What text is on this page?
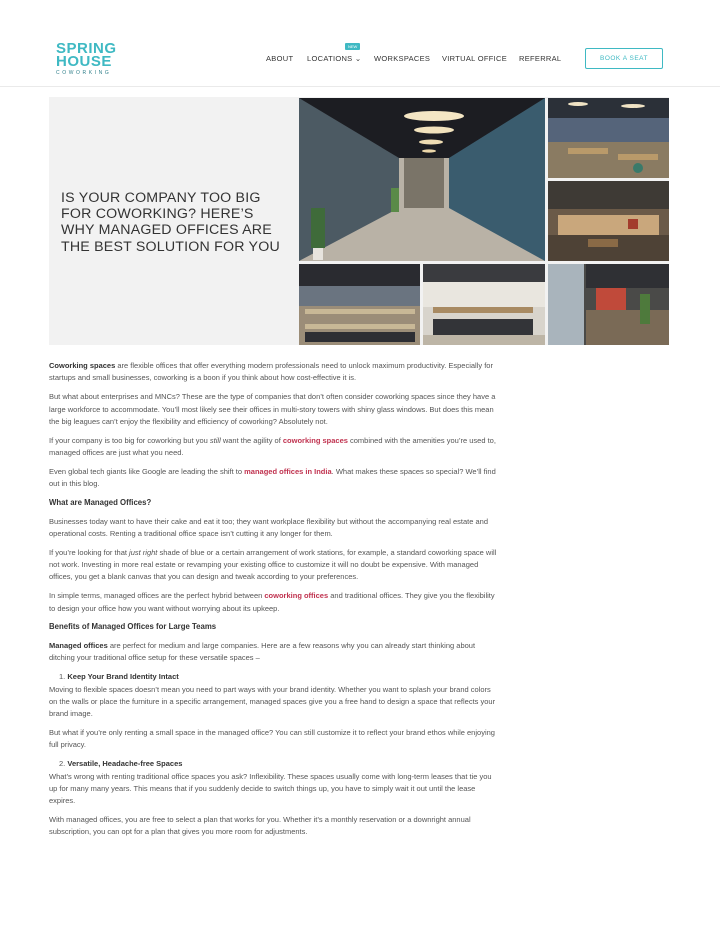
SPRING
HOUSE
COWORKING
NEW
ABOUT LOCATIONS ⌄ WORKSPACES VIRTUAL OFFICE REFERRAL	BOOK A SEAT
IS YOUR COMPANY TOO BIG FOR COWORKING? HERE’S WHY MANAGED OFFICES ARE THE BEST SOLUTION FOR YOU

Coworking spaces are flexible offices that offer everything modern professionals need to unlock maximum productivity. Especially for startups and small businesses, coworking is a boon if you think about how cost-effective it is.

But what about enterprises and MNCs? These are the type of companies that don’t often consider coworking spaces since they have a large workforce to accommodate. You’ll most likely see their offices in multi-story towers with shiny glass windows. But does this mean the big leagues can’t enjoy the flexibility and efficiency of coworking? Absolutely not.

If your company is too big for coworking but you still want the agility of coworking spaces combined with the amenities you’re used to, managed offices are just what you need.

Even global tech giants like Google are leading the shift to managed offices in India. What makes these spaces so special? We’ll find out in this blog.

What are Managed Offices?

Businesses today want to have their cake and eat it too; they want workplace flexibility but without the accompanying real estate and operational costs. Renting a traditional office space isn’t cutting it any longer for them.

If you’re looking for that just right shade of blue or a certain arrangement of work stations, for example, a standard coworking space will not work. Investing in more real estate or revamping your existing office to customize it will no doubt be expensive. With managed offices, you get a blank canvas that you can design and tweak according to your preferences.

In simple terms, managed offices are the perfect hybrid between coworking offices and traditional offices. They give you the flexibility to design your office how you want without worrying about its upkeep.

Benefits of Managed Offices for Large Teams

Managed offices are perfect for medium and large companies. Here are a few reasons why you can already start thinking about ditching your traditional office setup for these versatile spaces –

1. Keep Your Brand Identity Intact

Moving to flexible spaces doesn’t mean you need to part ways with your brand identity. Whether you want to splash your brand colors on the walls or place the furniture in a specific arrangement, managed spaces give you a free hand to design a space that reflects your brand image.

But what if you’re only renting a small space in the managed office? You can still customize it to reflect your brand ethos while enjoying full privacy.

2. Versatile, Headache-free Spaces

What’s wrong with renting traditional office spaces you ask? Inflexibility. These spaces usually come with long-term leases that tie you up for many many years. This means that if you suddenly decide to switch things up, you have to simply wait it out until the lease expires.

With managed offices, you are free to select a plan that works for you. Whether it’s a monthly reservation or a downright annual subscription, you can opt for a plan that gives you more room for adjustments.
